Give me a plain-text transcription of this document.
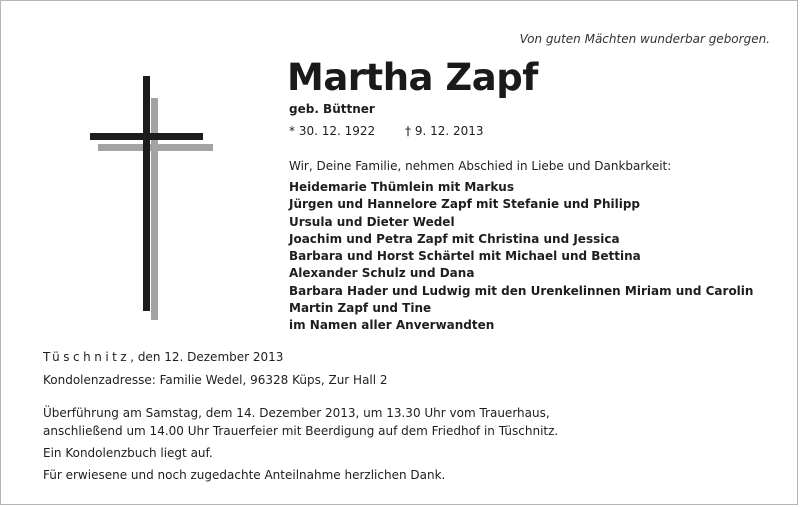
Von guten Mächten wunderbar geborgen.
Martha Zapf
geb. Büttner
* 30. 12. 1922 † 9. 12. 2013
Wir, Deine Familie, nehmen Abschied in Liebe und Dankbarkeit:
Heidemarie Thümlein mit Markus
Jürgen und Hannelore Zapf mit Stefanie und Philipp
Ursula und Dieter Wedel
Joachim und Petra Zapf mit Christina und Jessica
Barbara und Horst Schärtel mit Michael und Bettina
Alexander Schulz und Dana
Barbara Hader und Ludwig mit den Urenkelinnen Miriam und Carolin
Martin Zapf und Tine
im Namen aller Anverwandten
Tüschnitz, den 12. Dezember 2013
Kondolenzadresse: Familie Wedel, 96328 Küps, Zur Hall 2
Überführung am Samstag, dem 14. Dezember 2013, um 13.30 Uhr vom Trauerhaus,
anschließend um 14.00 Uhr Trauerfeier mit Beerdigung auf dem Friedhof in Tüschnitz.
Ein Kondolenzbuch liegt auf.
Für erwiesene und noch zugedachte Anteilnahme herzlichen Dank.
